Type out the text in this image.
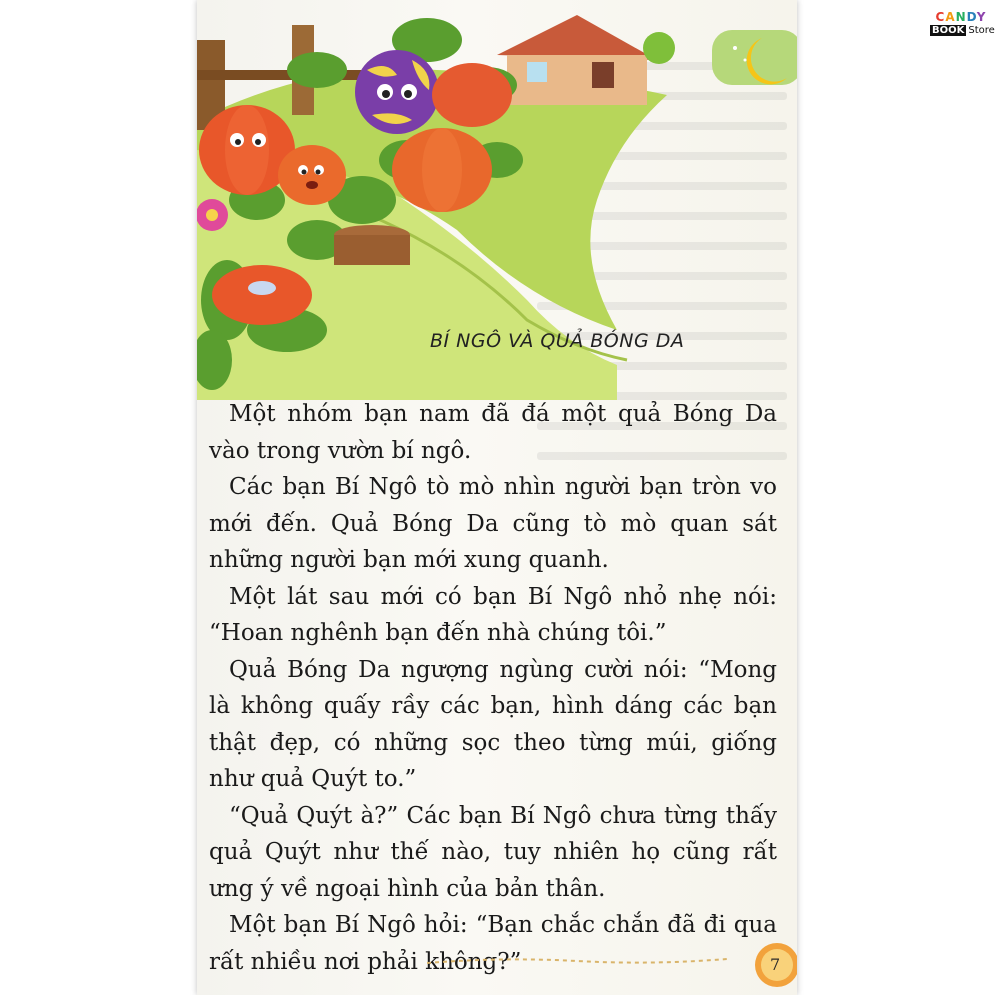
BÍ NGÔ VÀ QUẢ BÓNG DA

Một nhóm bạn nam đã đá một quả Bóng Da vào trong vườn bí ngô.

Các bạn Bí Ngô tò mò nhìn người bạn tròn vo mới đến. Quả Bóng Da cũng tò mò quan sát những người bạn mới xung quanh.

Một lát sau mới có bạn Bí Ngô nhỏ nhẹ nói: “Hoan nghênh bạn đến nhà chúng tôi.”

Quả Bóng Da ngượng ngùng cười nói: “Mong là không quấy rầy các bạn, hình dáng các bạn thật đẹp, có những sọc theo từng múi, giống như quả Quýt to.”

“Quả Quýt à?” Các bạn Bí Ngô chưa từng thấy quả Quýt như thế nào, tuy nhiên họ cũng rất ưng ý về ngoại hình của bản thân.

Một bạn Bí Ngô hỏi: “Bạn chắc chắn đã đi qua rất nhiều nơi phải không?”	7
CANDY
BOOK Store
